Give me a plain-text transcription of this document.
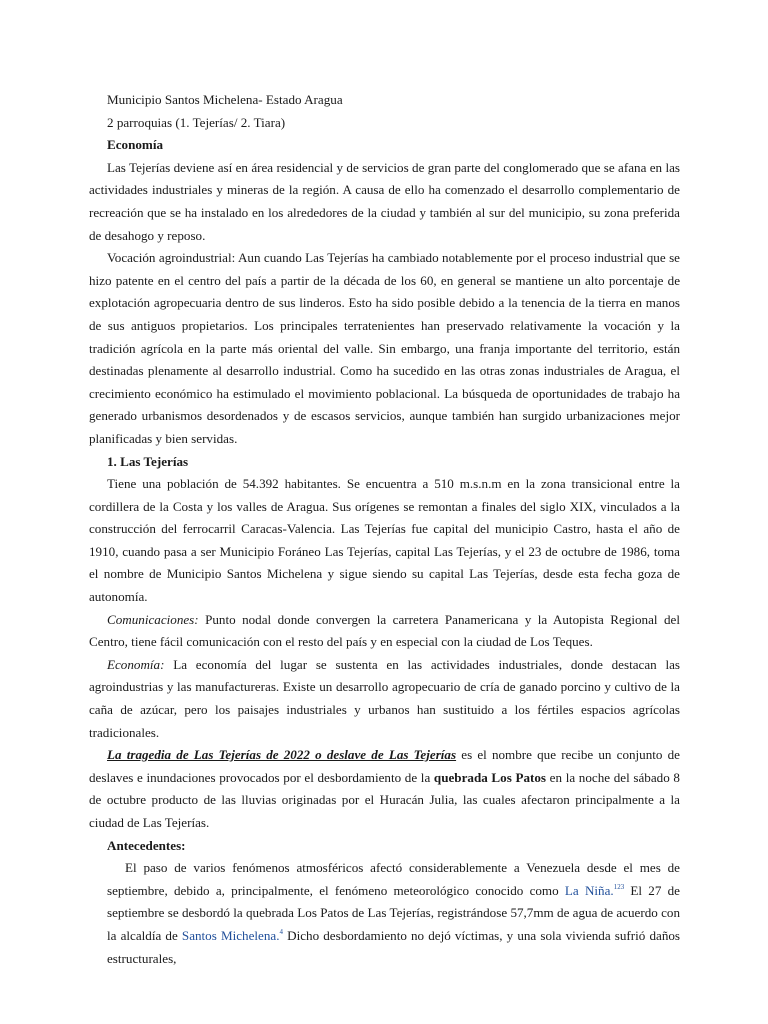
Municipio Santos Michelena- Estado Aragua

2 parroquias (1. Tejerías/ 2. Tiara)

Economía

Las Tejerías deviene así en área residencial y de servicios de gran parte del conglomerado que se afana en las actividades industriales y mineras de la región. A causa de ello ha comenzado el desarrollo complementario de recreación que se ha instalado en los alrededores de la ciudad y también al sur del municipio, su zona preferida de desahogo y reposo.

Vocación agroindustrial: Aun cuando Las Tejerías ha cambiado notablemente por el proceso industrial que se hizo patente en el centro del país a partir de la década de los 60, en general se mantiene un alto porcentaje de explotación agropecuaria dentro de sus linderos. Esto ha sido posible debido a la tenencia de la tierra en manos de sus antiguos propietarios. Los principales terratenientes han preservado relativamente la vocación y la tradición agrícola en la parte más oriental del valle. Sin embargo, una franja importante del territorio, están destinadas plenamente al desarrollo industrial. Como ha sucedido en las otras zonas industriales de Aragua, el crecimiento económico ha estimulado el movimiento poblacional. La búsqueda de oportunidades de trabajo ha generado urbanismos desordenados y de escasos servicios, aunque también han surgido urbanizaciones mejor planificadas y bien servidas.

1. Las Tejerías

Tiene una población de 54.392 habitantes. Se encuentra a 510 m.s.n.m en la zona transicional entre la cordillera de la Costa y los valles de Aragua. Sus orígenes se remontan a finales del siglo XIX, vinculados a la construcción del ferrocarril Caracas-Valencia. Las Tejerías fue capital del municipio Castro, hasta el año de 1910, cuando pasa a ser Municipio Foráneo Las Tejerías, capital Las Tejerías, y el 23 de octubre de 1986, toma el nombre de Municipio Santos Michelena y sigue siendo su capital Las Tejerías, desde esta fecha goza de autonomía.

Comunicaciones: Punto nodal donde convergen la carretera Panamericana y la Autopista Regional del Centro, tiene fácil comunicación con el resto del país y en especial con la ciudad de Los Teques.

Economía: La economía del lugar se sustenta en las actividades industriales, donde destacan las agroindustrias y las manufactureras. Existe un desarrollo agropecuario de cría de ganado porcino y cultivo de la caña de azúcar, pero los paisajes industriales y urbanos han sustituido a los fértiles espacios agrícolas tradicionales.

La tragedia de Las Tejerías de 2022 o deslave de Las Tejerías es el nombre que recibe un conjunto de deslaves e inundaciones provocados por el desbordamiento de la quebrada Los Patos en la noche del sábado 8 de octubre producto de las lluvias originadas por el Huracán Julia, las cuales afectaron principalmente a la ciudad de Las Tejerías.

Antecedentes:

El paso de varios fenómenos atmosféricos afectó considerablemente a Venezuela desde el mes de septiembre, debido a, principalmente, el fenómeno meteorológico conocido como La Niña.$^{123}$ El 27 de septiembre se desbordó la quebrada Los Patos de Las Tejerías, registrándose 57,7mm de agua de acuerdo con la alcaldía de Santos Michelena.$^4$ Dicho desbordamiento no dejó víctimas, y una sola vivienda sufrió daños estructurales,
